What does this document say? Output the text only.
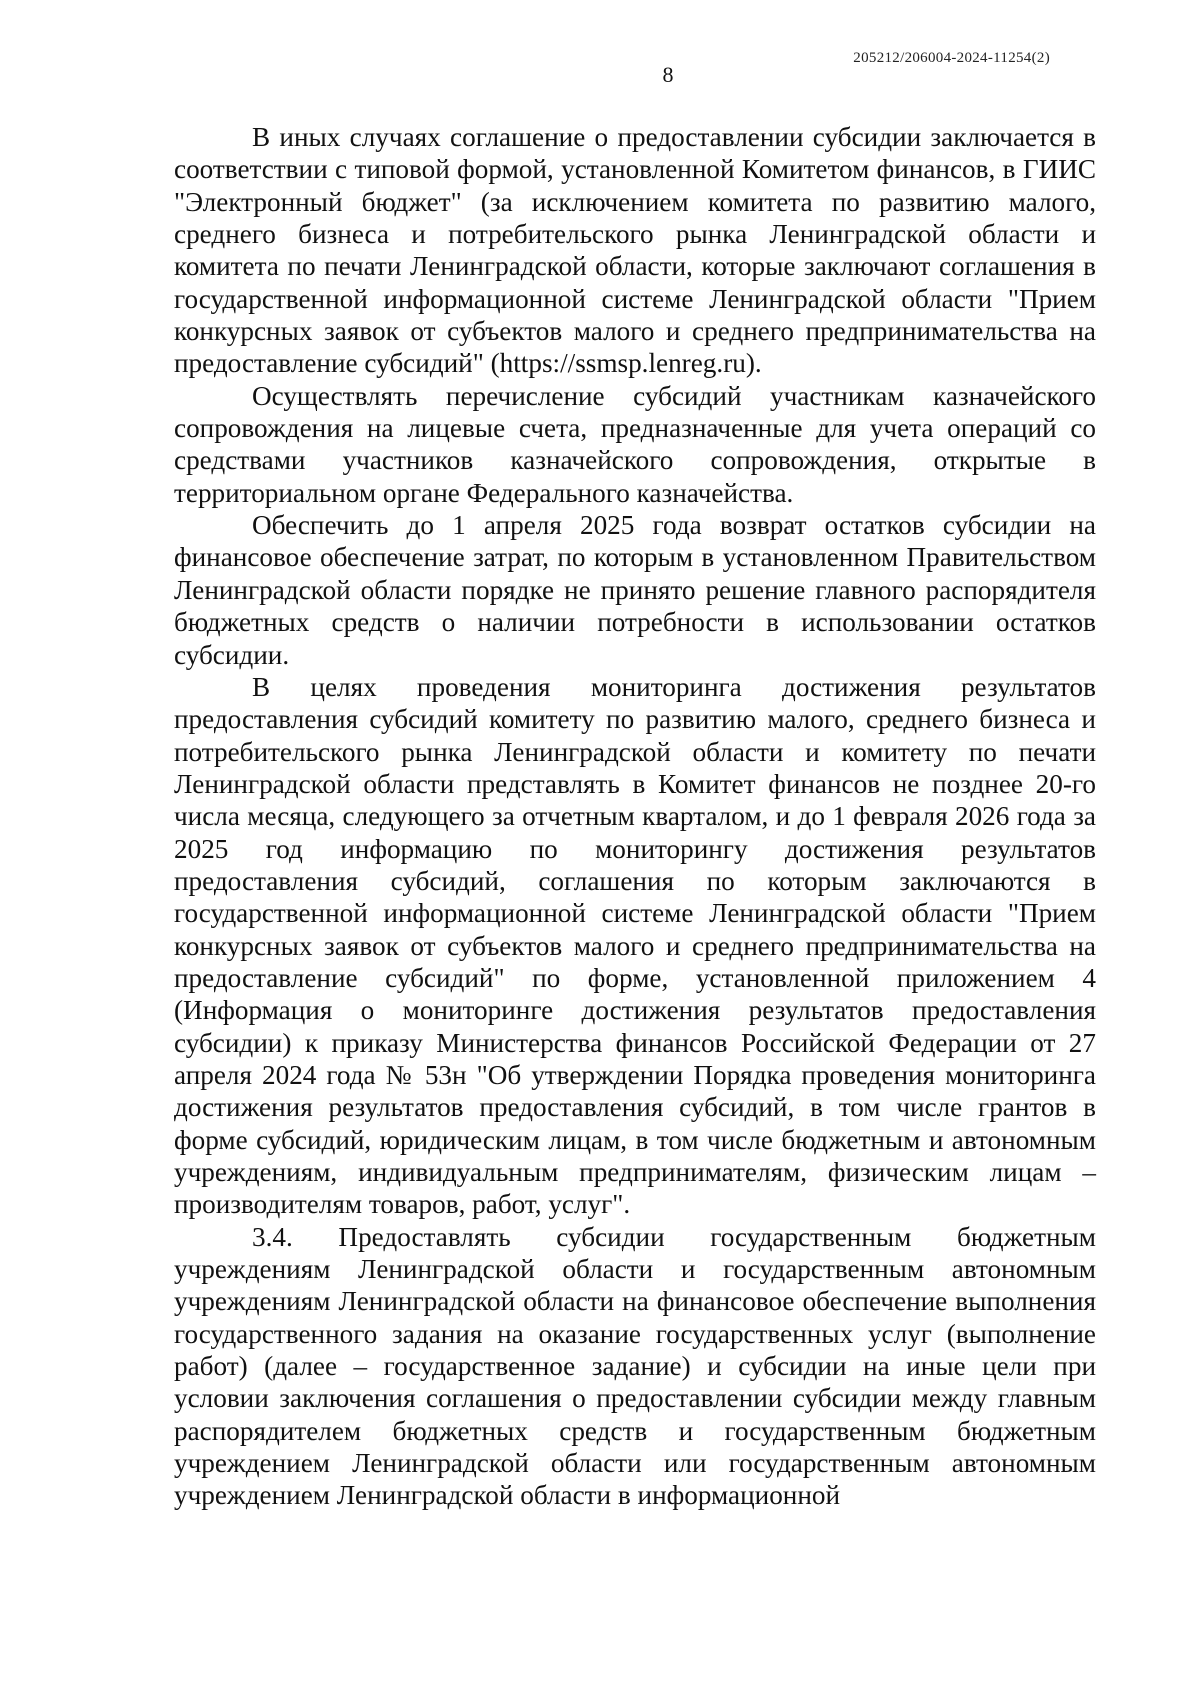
205212/206004-2024-11254(2)
8

В иных случаях соглашение о предоставлении субсидии заключается в соответствии с типовой формой, установленной Комитетом финансов, в ГИИС "Электронный бюджет" (за исключением комитета по развитию малого, среднего бизнеса и потребительского рынка Ленинградской области и комитета по печати Ленинградской области, которые заключают соглашения в государственной информационной системе Ленинградской области "Прием конкурсных заявок от субъектов малого и среднего предпринимательства на предоставление субсидий" (https://ssmsp.lenreg.ru).

Осуществлять перечисление субсидий участникам казначейского сопровождения на лицевые счета, предназначенные для учета операций со средствами участников казначейского сопровождения, открытые в территориальном органе Федерального казначейства.

Обеспечить до 1 апреля 2025 года возврат остатков субсидии на финансовое обеспечение затрат, по которым в установленном Правительством Ленинградской области порядке не принято решение главного распорядителя бюджетных средств о наличии потребности в использовании остатков субсидии.

В целях проведения мониторинга достижения результатов предоставления субсидий комитету по развитию малого, среднего бизнеса и потребительского рынка Ленинградской области и комитету по печати Ленинградской области представлять в Комитет финансов не позднее 20-го числа месяца, следующего за отчетным кварталом, и до 1 февраля 2026 года за 2025 год информацию по мониторингу достижения результатов предоставления субсидий, соглашения по которым заключаются в государственной информационной системе Ленинградской области "Прием конкурсных заявок от субъектов малого и среднего предпринимательства на предоставление субсидий" по форме, установленной приложением 4 (Информация о мониторинге достижения результатов предоставления субсидии) к приказу Министерства финансов Российской Федерации от 27 апреля 2024 года № 53н "Об утверждении Порядка проведения мониторинга достижения результатов предоставления субсидий, в том числе грантов в форме субсидий, юридическим лицам, в том числе бюджетным и автономным учреждениям, индивидуальным предпринимателям, физическим лицам – производителям товаров, работ, услуг".

3.4. Предоставлять субсидии государственным бюджетным учреждениям Ленинградской области и государственным автономным учреждениям Ленинградской области на финансовое обеспечение выполнения государственного задания на оказание государственных услуг (выполнение работ) (далее – государственное задание) и субсидии на иные цели при условии заключения соглашения о предоставлении субсидии между главным распорядителем бюджетных средств и государственным бюджетным учреждением Ленинградской области или государственным автономным учреждением Ленинградской области в информационной
